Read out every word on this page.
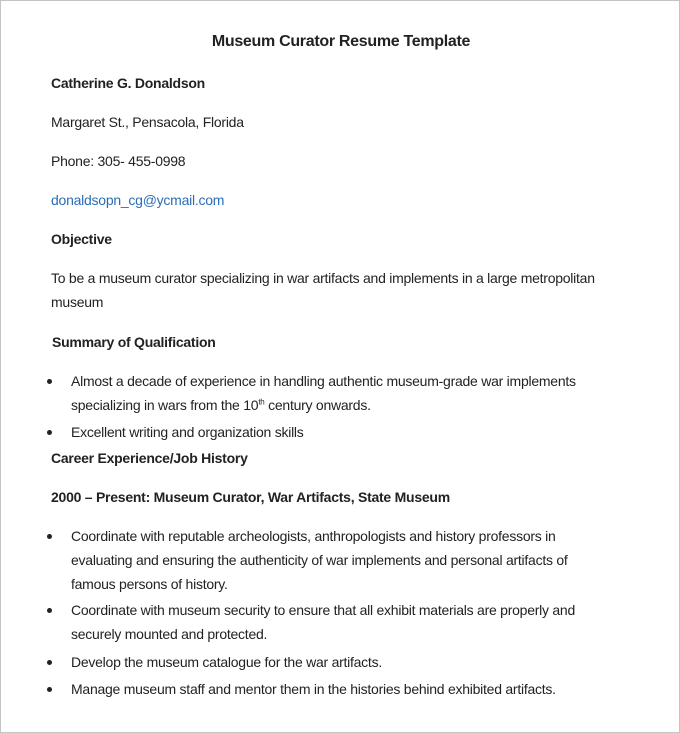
Museum Curator Resume Template
Catherine G. Donaldson
Margaret St., Pensacola, Florida
Phone: 305- 455-0998
donaldsopn_cg@ycmail.com
Objective
To be a museum curator specializing in war artifacts and implements in a large metropolitan museum
Summary of Qualification
Almost a decade of experience in handling authentic museum-grade war implements specializing in wars from the 10th century onwards.
Excellent writing and organization skills
Career Experience/Job History
2000 – Present: Museum Curator, War Artifacts, State Museum
Coordinate with reputable archeologists, anthropologists and history professors in evaluating and ensuring the authenticity of war implements and personal artifacts of famous persons of history.
Coordinate with museum security to ensure that all exhibit materials are properly and securely mounted and protected.
Develop the museum catalogue for the war artifacts.
Manage museum staff and mentor them in the histories behind exhibited artifacts.
